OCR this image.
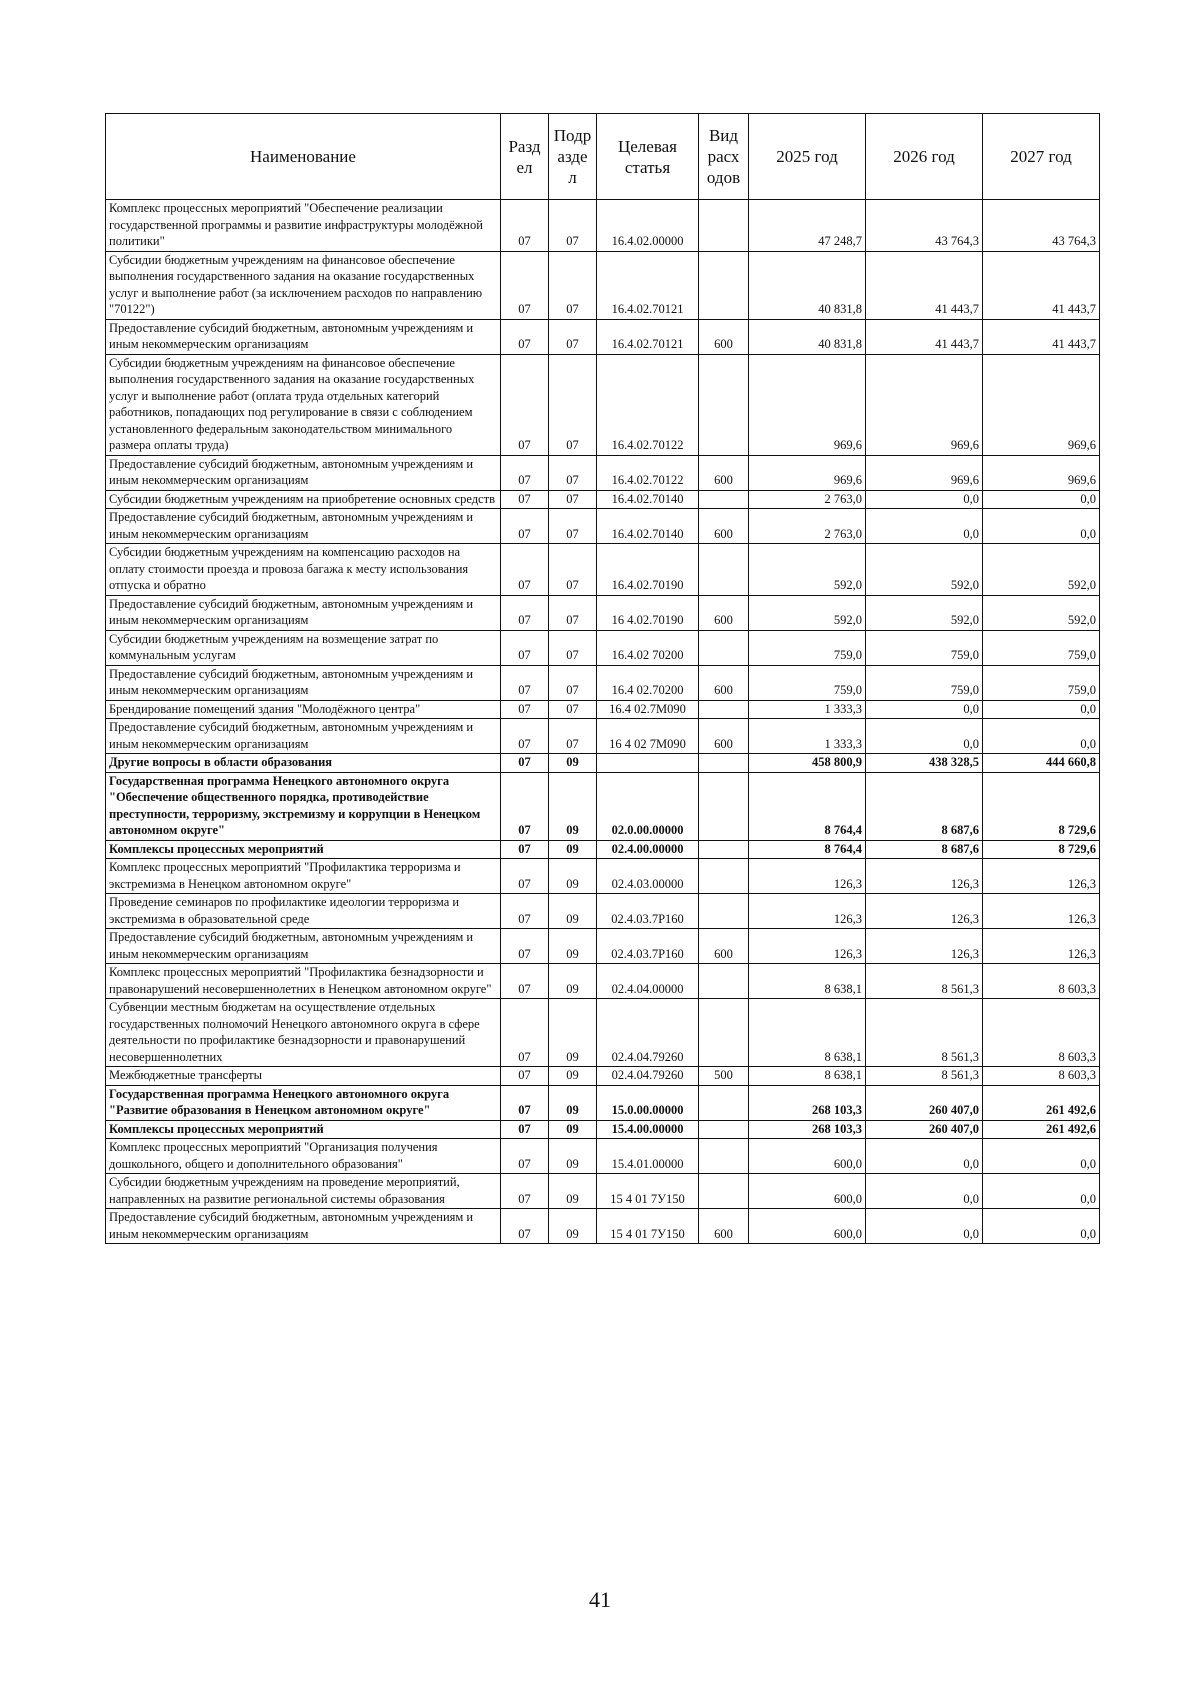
Наименование	Разд ел	Подр азде л	Целевая статья	Вид расх одов	2025 год	2026 год	2027 год
Комплекс процессных мероприятий "Обеспечение реализации государственной программы и развитие инфраструктуры молодёжной политики"	07	07	16.4.02.00000		47 248,7	43 764,3	43 764,3
Субсидии бюджетным учреждениям на финансовое обеспечение выполнения государственного задания на оказание государственных услуг и выполнение работ (за исключением расходов по направлению "70122")	07	07	16.4.02.70121		40 831,8	41 443,7	41 443,7
Предоставление субсидий бюджетным, автономным учреждениям и иным некоммерческим организациям	07	07	16.4.02.70121	600	40 831,8	41 443,7	41 443,7
Субсидии бюджетным учреждениям на финансовое обеспечение выполнения государственного задания на оказание государственных услуг и выполнение работ (оплата труда отдельных категорий работников, попадающих под регулирование в связи с соблюдением установленного федеральным законодательством минимального размера оплаты труда)	07	07	16.4.02.70122		969,6	969,6	969,6
Предоставление субсидий бюджетным, автономным учреждениям и иным некоммерческим организациям	07	07	16.4.02.70122	600	969,6	969,6	969,6
Субсидии бюджетным учреждениям на приобретение основных средств	07	07	16.4.02.70140		2 763,0	0,0	0,0
Предоставление субсидий бюджетным, автономным учреждениям и иным некоммерческим организациям	07	07	16.4.02.70140	600	2 763,0	0,0	0,0
Субсидии бюджетным учреждениям на компенсацию расходов на оплату стоимости проезда и провоза багажа к месту использования отпуска и обратно	07	07	16.4.02.70190		592,0	592,0	592,0
Предоставление субсидий бюджетным, автономным учреждениям и иным некоммерческим организациям	07	07	16 4.02.70190	600	592,0	592,0	592,0
Субсидии бюджетным учреждениям на возмещение затрат по коммунальным услугам	07	07	16.4.02 70200		759,0	759,0	759,0
Предоставление субсидий бюджетным, автономным учреждениям и иным некоммерческим организациям	07	07	16.4 02.70200	600	759,0	759,0	759,0
Брендирование помещений здания "Молодёжного центра"	07	07	16.4 02.7М090		1 333,3	0,0	0,0
Предоставление субсидий бюджетным, автономным учреждениям и иным некоммерческим организациям	07	07	16 4 02 7М090	600	1 333,3	0,0	0,0
Другие вопросы в области образования	07	09			458 800,9	438 328,5	444 660,8
Государственная программа Ненецкого автономного округа "Обеспечение общественного порядка, противодействие преступности, терроризму, экстремизму и коррупции в Ненецком автономном округе"	07	09	02.0.00.00000		8 764,4	8 687,6	8 729,6
Комплексы процессных мероприятий	07	09	02.4.00.00000		8 764,4	8 687,6	8 729,6
Комплекс процессных мероприятий "Профилактика терроризма и экстремизма в Ненецком автономном округе"	07	09	02.4.03.00000		126,3	126,3	126,3
Проведение семинаров по профилактике идеологии терроризма и экстремизма в образовательной среде	07	09	02.4.03.7Р160		126,3	126,3	126,3
Предоставление субсидий бюджетным, автономным учреждениям и иным некоммерческим организациям	07	09	02.4.03.7Р160	600	126,3	126,3	126,3
Комплекс процессных мероприятий "Профилактика безнадзорности и правонарушений несовершеннолетних в Ненецком автономном округе"	07	09	02.4.04.00000		8 638,1	8 561,3	8 603,3
Субвенции местным бюджетам на осуществление отдельных государственных полномочий Ненецкого автономного округа в сфере деятельности по профилактике безнадзорности и правонарушений несовершеннолетних	07	09	02.4.04.79260		8 638,1	8 561,3	8 603,3
Межбюджетные трансферты	07	09	02.4.04.79260	500	8 638,1	8 561,3	8 603,3
Государственная программа Ненецкого автономного округа "Развитие образования в Ненецком автономном округе"	07	09	15.0.00.00000		268 103,3	260 407,0	261 492,6
Комплексы процессных мероприятий	07	09	15.4.00.00000		268 103,3	260 407,0	261 492,6
Комплекс процессных мероприятий "Организация получения дошкольного, общего и дополнительного образования"	07	09	15.4.01.00000		600,0	0,0	0,0
Субсидии бюджетным учреждениям на проведение мероприятий, направленных на развитие региональной системы образования	07	09	15 4 01 7У150		600,0	0,0	0,0
Предоставление субсидий бюджетным, автономным учреждениям и иным некоммерческим организациям	07	09	15 4 01 7У150	600	600,0	0,0	0,0
41
